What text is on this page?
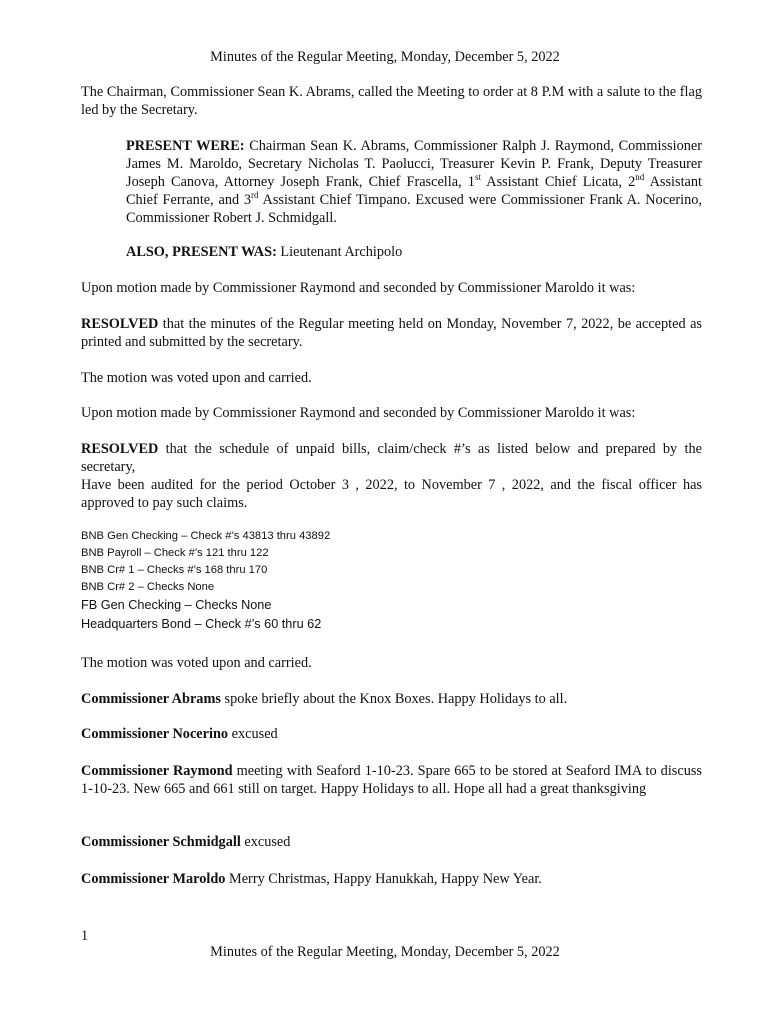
Minutes of the Regular Meeting, Monday, December 5, 2022

The Chairman, Commissioner Sean K. Abrams, called the Meeting to order at 8 P.M with a salute to the flag led by the Secretary.

PRESENT WERE: Chairman Sean K. Abrams, Commissioner Ralph J. Raymond, Commissioner James M. Maroldo, Secretary Nicholas T. Paolucci, Treasurer Kevin P. Frank, Deputy Treasurer Joseph Canova, Attorney Joseph Frank, Chief Frascella, 1st Assistant Chief Licata, 2nd Assistant Chief Ferrante, and 3rd Assistant Chief Timpano. Excused were Commissioner Frank A. Nocerino, Commissioner Robert J. Schmidgall.

ALSO, PRESENT WAS: Lieutenant Archipolo

Upon motion made by Commissioner Raymond and seconded by Commissioner Maroldo it was:

RESOLVED that the minutes of the Regular meeting held on Monday, November 7, 2022, be accepted as printed and submitted by the secretary.

The motion was voted upon and carried.

Upon motion made by Commissioner Raymond and seconded by Commissioner Maroldo it was:

RESOLVED that the schedule of unpaid bills, claim/check #’s as listed below and prepared by the secretary,
Have been audited for the period October 3 , 2022, to November 7 , 2022, and the fiscal officer has approved to pay such claims.

BNB Gen Checking – Check #’s 43813 thru 43892
BNB Payroll – Check #’s 121 thru 122
BNB Cr# 1 – Checks #’s 168 thru 170
BNB Cr# 2 – Checks None
FB Gen Checking – Checks None
Headquarters Bond – Check #’s 60 thru 62

The motion was voted upon and carried.

Commissioner Abrams spoke briefly about the Knox Boxes. Happy Holidays to all.

Commissioner Nocerino excused

Commissioner Raymond meeting with Seaford 1-10-23. Spare 665 to be stored at Seaford IMA to discuss 1-10-23. New 665 and 661 still on target. Happy Holidays to all. Hope all had a great thanksgiving

Commissioner Schmidgall excused

Commissioner Maroldo Merry Christmas, Happy Hanukkah, Happy New Year.

1
Minutes of the Regular Meeting, Monday, December 5, 2022
